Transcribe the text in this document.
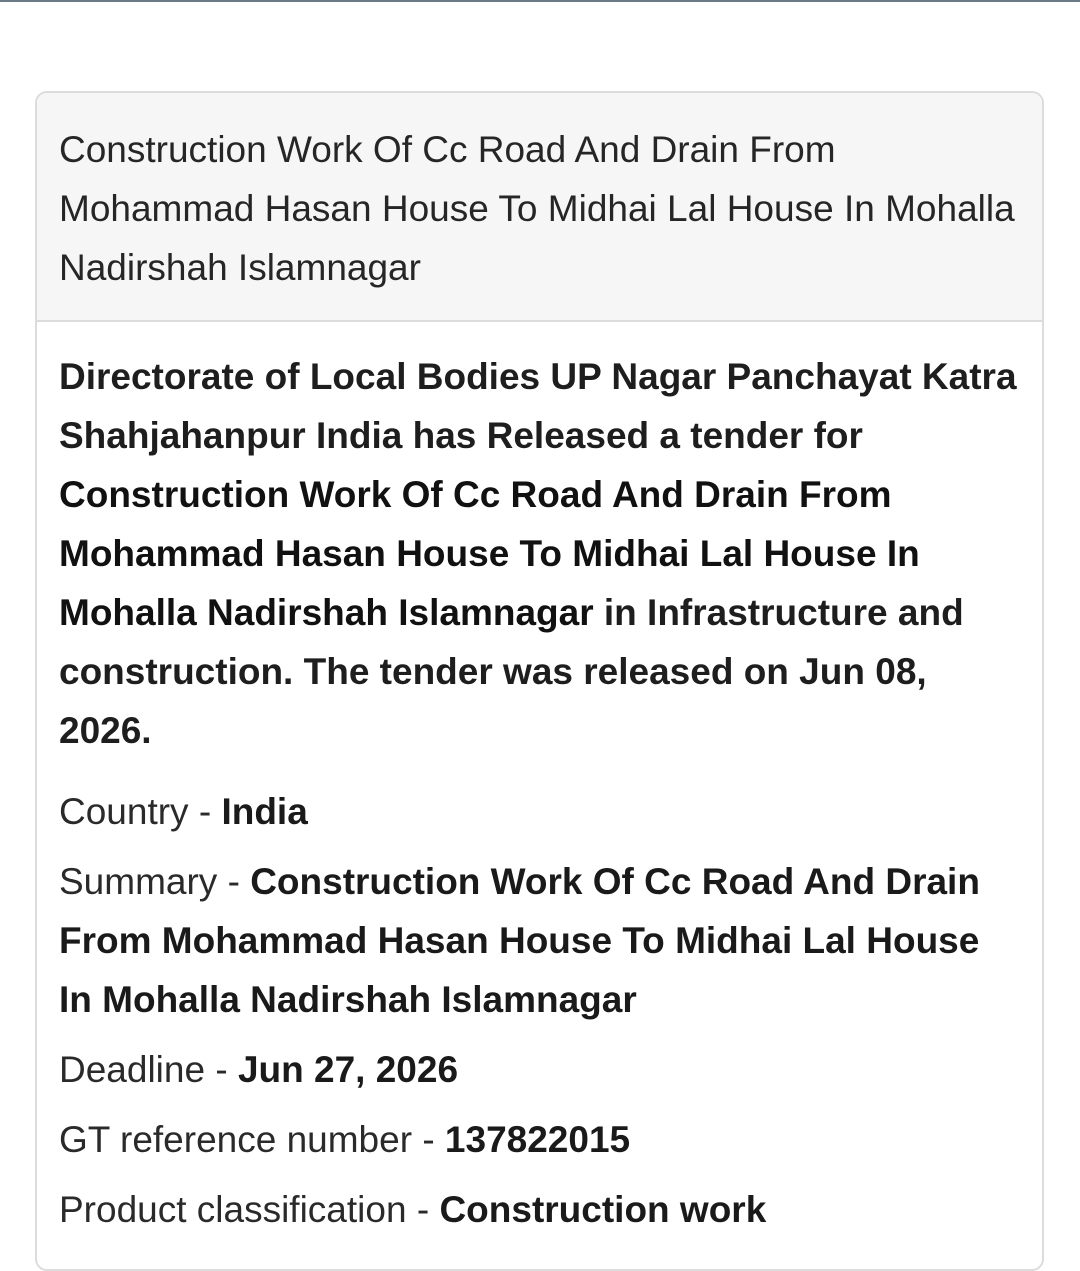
Construction Work Of Cc Road And Drain From Mohammad Hasan House To Midhai Lal House In Mohalla Nadirshah Islamnagar
Directorate of Local Bodies UP Nagar Panchayat Katra Shahjahanpur India has Released a tender for Construction Work Of Cc Road And Drain From Mohammad Hasan House To Midhai Lal House In Mohalla Nadirshah Islamnagar in Infrastructure and construction. The tender was released on Jun 08, 2026.
Country - India
Summary - Construction Work Of Cc Road And Drain From Mohammad Hasan House To Midhai Lal House In Mohalla Nadirshah Islamnagar
Deadline - Jun 27, 2026
GT reference number - 137822015
Product classification - Construction work
